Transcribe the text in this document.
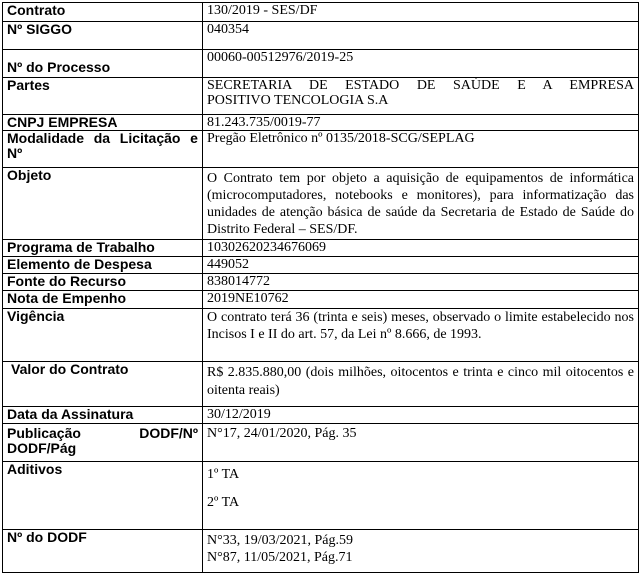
Contrato	130/2019 - SES/DF
Nº SIGGO	040354
Nº do Processo	00060-00512976/2019-25
Partes	SECRETARIA DE ESTADO DE SAÚDE E A EMPRESA
POSITIVO TENCOLOGIA S.A

CNPJ EMPRESA	81.243.735/0019-77

Modalidade da Licitação e
Nº	Pregão Eletrônico nº 0135/2018-SCG/SEPLAG
Objeto	O Contrato tem por objeto a aquisição de equipamentos de informática (microcomputadores, notebooks e monitores), para informatização das unidades de atenção básica de saúde da Secretaria de Estado de Saúde do Distrito Federal – SES/DF.
Programa de Trabalho	10302620234676069
Elemento de Despesa	449052
Fonte do Recurso	838014772
Nota de Empenho	2019NE10762
Vigência	O contrato terá 36 (trinta e seis) meses, observado o limite estabelecido nos Incisos I e II do art. 57, da Lei nº 8.666, de 1993.
Valor do Contrato	R$ 2.835.880,00 (dois milhões, oitocentos e trinta e cinco mil oitocentos e oitenta reais)
Data da Assinatura	30/12/2019

Publicação DODF/Nº
DODF/Pág	N°17, 24/01/2020, Pág. 35
Aditivos	1º TA
2º TA

Nº do DODF	N°33, 19/03/2021, Pág.59
N°87, 11/05/2021, Pág.71
